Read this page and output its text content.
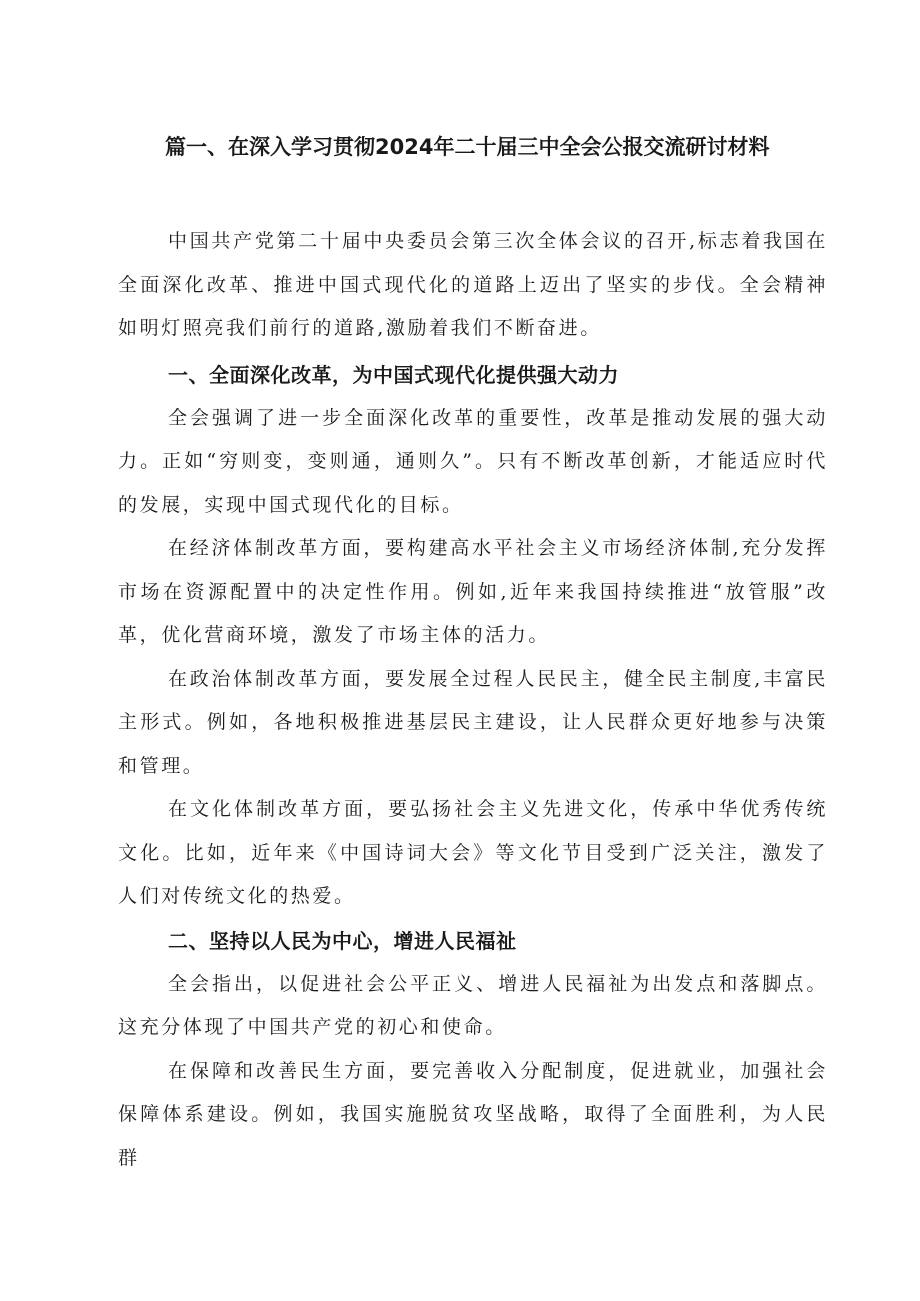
篇一、在深入学习贯彻2024年二十届三中全会公报交流研讨材料

中国共产党第二十届中央委员会第三次全体会议的召开,标志着我国在全面深化改革、推进中国式现代化的道路上迈出了坚实的步伐。全会精神如明灯照亮我们前行的道路,激励着我们不断奋进。

一、全面深化改革，为中国式现代化提供强大动力

全会强调了进一步全面深化改革的重要性，改革是推动发展的强大动力。正如“穷则变，变则通，通则久”。只有不断改革创新，才能适应时代的发展，实现中国式现代化的目标。

在经济体制改革方面，要构建高水平社会主义市场经济体制,充分发挥市场在资源配置中的决定性作用。例如,近年来我国持续推进“放管服”改革，优化营商环境，激发了市场主体的活力。

在政治体制改革方面，要发展全过程人民民主，健全民主制度,丰富民主形式。例如，各地积极推进基层民主建设，让人民群众更好地参与决策和管理。

在文化体制改革方面，要弘扬社会主义先进文化，传承中华优秀传统文化。比如，近年来《中国诗词大会》等文化节目受到广泛关注，激发了人们对传统文化的热爱。

二、坚持以人民为中心，增进人民福祉

全会指出，以促进社会公平正义、增进人民福祉为出发点和落脚点。这充分体现了中国共产党的初心和使命。

在保障和改善民生方面，要完善收入分配制度，促进就业，加强社会保障体系建设。例如，我国实施脱贫攻坚战略，取得了全面胜利，为人民群
